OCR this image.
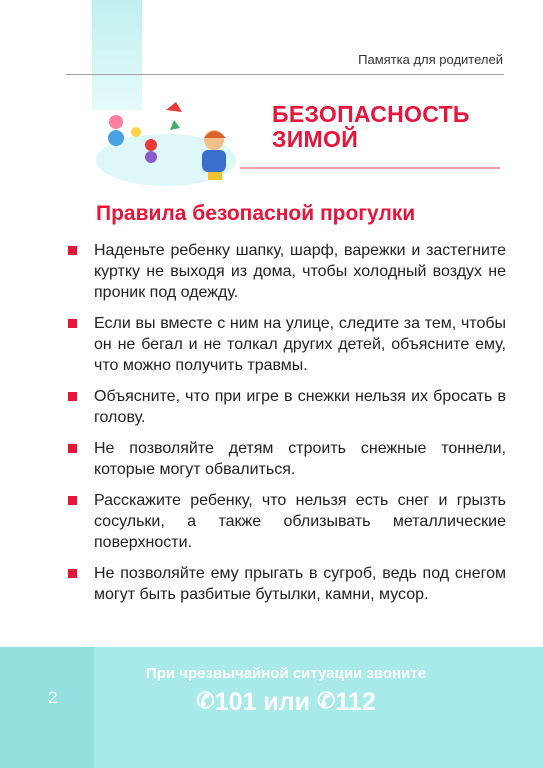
Памятка для родителей
БЕЗОПАСНОСТЬ
ЗИМОЙ
Правила безопасной прогулки
Наденьте ребенку шапку, шарф, варежки и застегните куртку не выходя из дома, чтобы холодный воздух не проник под одежду.
Если вы вместе с ним на улице, следите за тем, чтобы он не бегал и не толкал других детей, объясните ему, что можно получить травмы.
Объясните, что при игре в снежки нельзя их бросать в голову.
Не позволяйте детям строить снежные тоннели, которые могут обвалиться.
Расскажите ребенку, что нельзя есть снег и грызть сосульки, а также облизывать металлические поверхности.
Не позволяйте ему прыгать в сугроб, ведь под снегом могут быть разбитые бутылки, камни, мусор.
2
При чрезвычайной ситуации звоните
✆101 или ✆112
